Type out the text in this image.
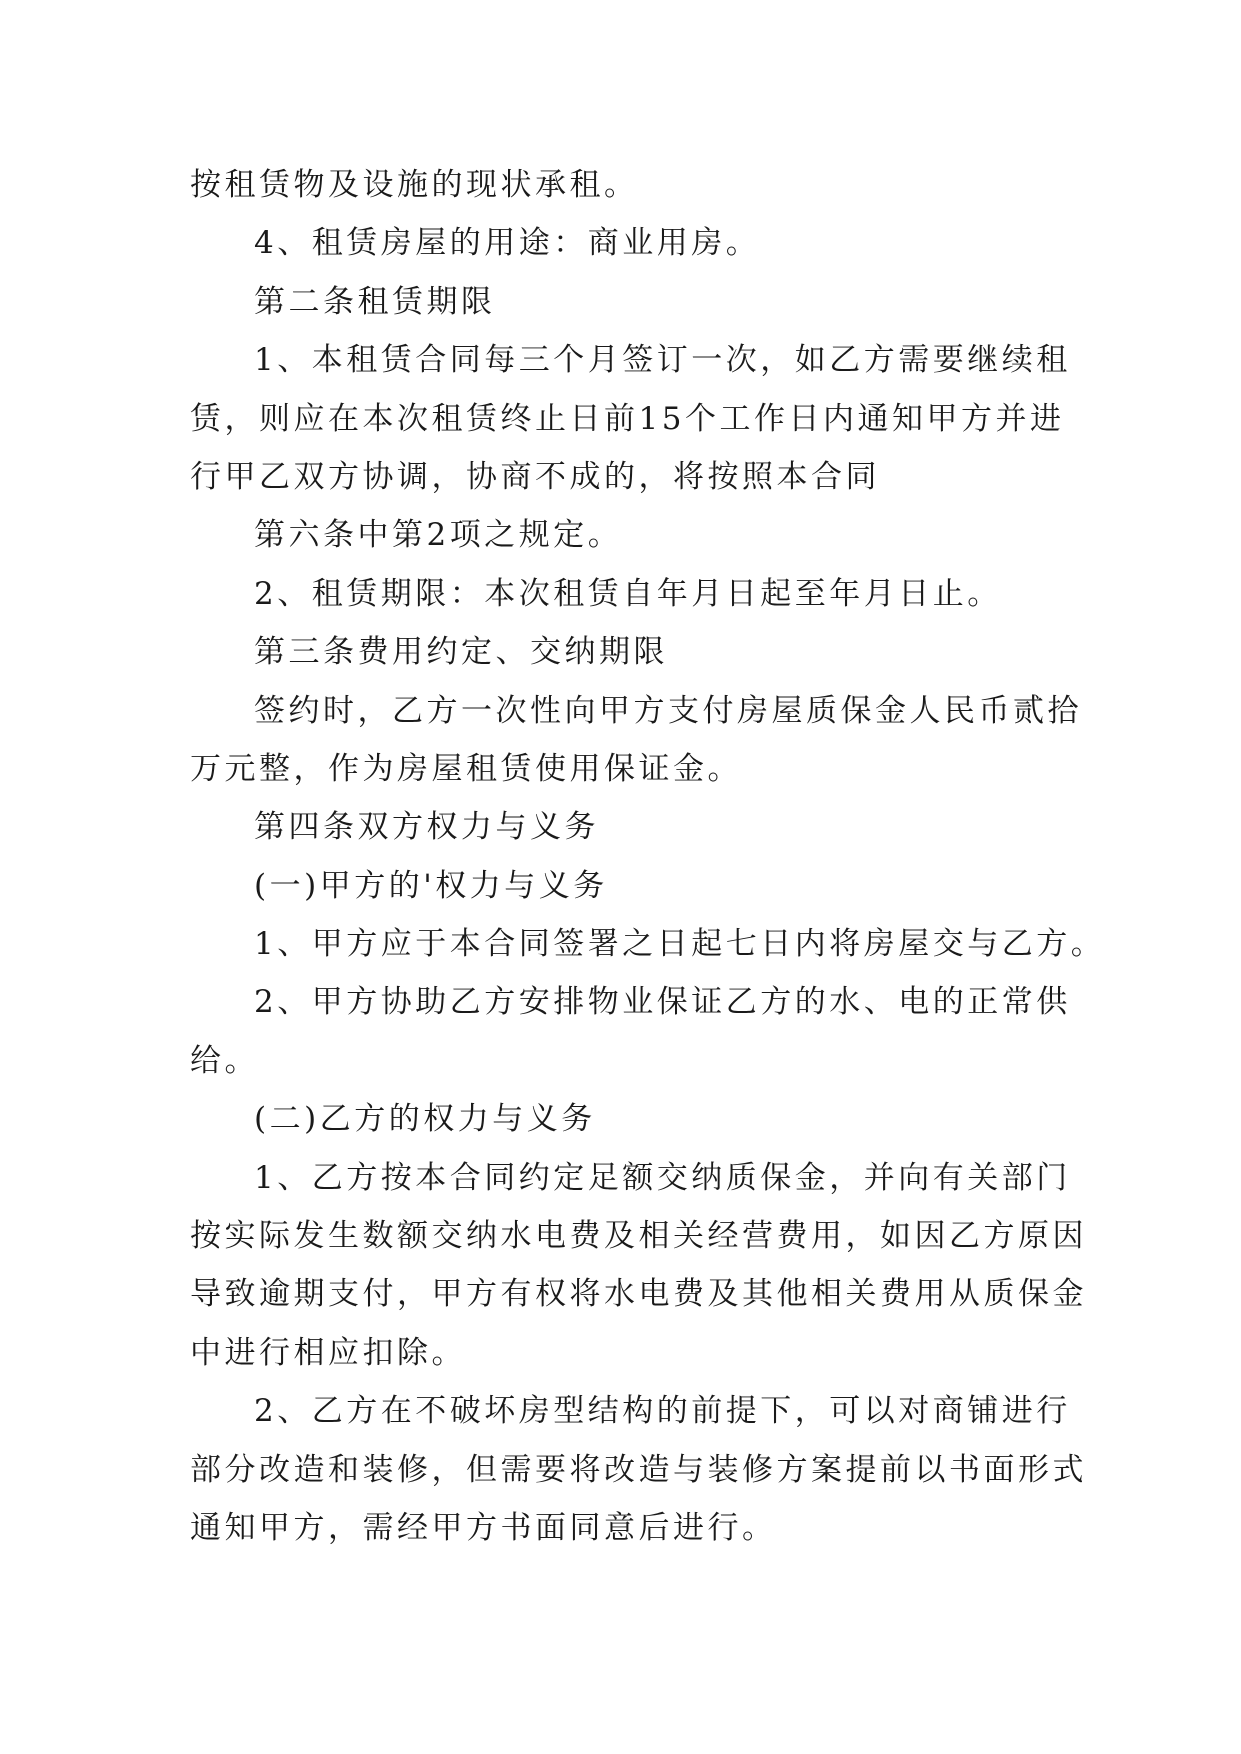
按租赁物及设施的现状承租。
4、租赁房屋的用途：商业用房。
第二条租赁期限
1、本租赁合同每三个月签订一次，如乙方需要继续租
赁，则应在本次租赁终止日前15个工作日内通知甲方并进
行甲乙双方协调，协商不成的，将按照本合同
第六条中第2项之规定。
2、租赁期限：本次租赁自年月日起至年月日止。
第三条费用约定、交纳期限
签约时，乙方一次性向甲方支付房屋质保金人民币贰拾
万元整，作为房屋租赁使用保证金。
第四条双方权力与义务
(一)甲方的'权力与义务
1、甲方应于本合同签署之日起七日内将房屋交与乙方。
2、甲方协助乙方安排物业保证乙方的水、电的正常供
给。
(二)乙方的权力与义务
1、乙方按本合同约定足额交纳质保金，并向有关部门
按实际发生数额交纳水电费及相关经营费用，如因乙方原因
导致逾期支付，甲方有权将水电费及其他相关费用从质保金
中进行相应扣除。
2、乙方在不破坏房型结构的前提下，可以对商铺进行
部分改造和装修，但需要将改造与装修方案提前以书面形式
通知甲方，需经甲方书面同意后进行。
